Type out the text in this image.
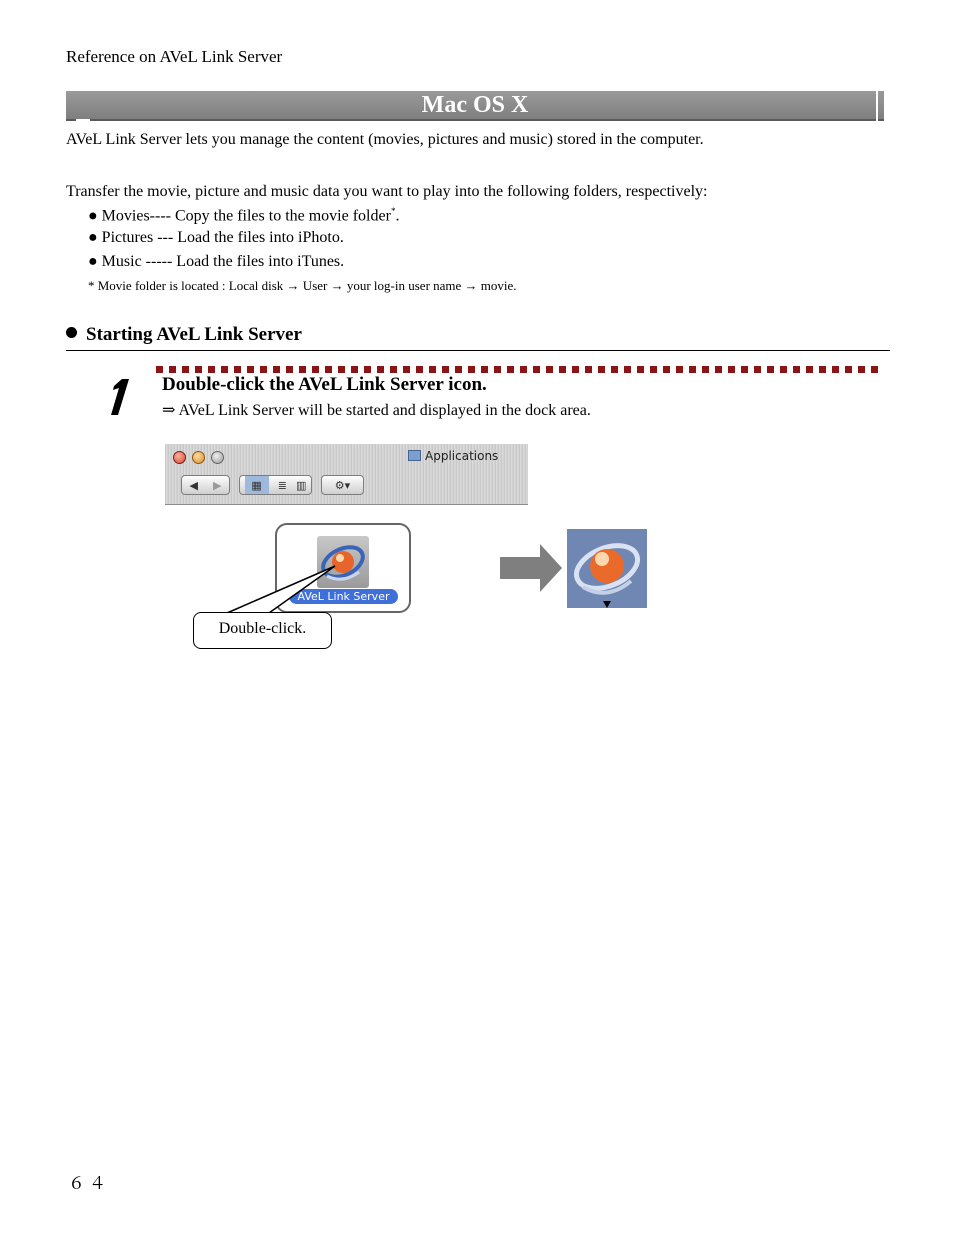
Reference on AVeL Link Server
Mac OS X
AVeL Link Server lets you manage the content (movies, pictures and music) stored in the computer.
Transfer the movie, picture and music data you want to play into the following folders, respectively:
● Movies---- Copy the files to the movie folder*.
● Pictures --- Load the files into iPhoto.
● Music ----- Load the files into iTunes.
* Movie folder is located : Local disk → User → your log-in user name → movie.
Starting AVeL Link Server
Double-click the AVeL Link Server icon.
⇒ AVeL Link Server will be started and displayed in the dock area.
Applications
◀ ▶	▦	≣ ▥	⚙▾
AVeL Link Server
Double-click.
６４
